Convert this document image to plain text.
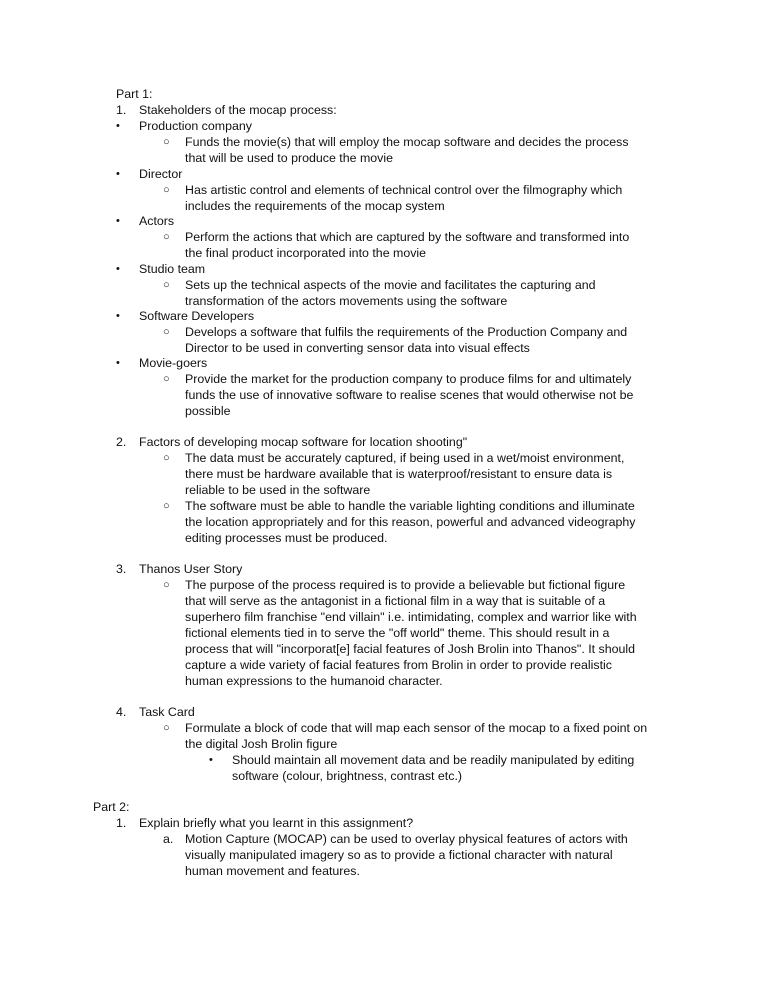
Part 1:
1. Stakeholders of the mocap process:
• Production company
○ Funds the movie(s) that will employ the mocap software and decides the process
that will be used to produce the movie
• Director
○ Has artistic control and elements of technical control over the filmography which
includes the requirements of the mocap system
• Actors
○ Perform the actions that which are captured by the software and transformed into
the final product incorporated into the movie
• Studio team
○ Sets up the technical aspects of the movie and facilitates the capturing and
transformation of the actors movements using the software
• Software Developers
○ Develops a software that fulfils the requirements of the Production Company and
Director to be used in converting sensor data into visual effects
• Movie-goers
○ Provide the market for the production company to produce films for and ultimately
funds the use of innovative software to realise scenes that would otherwise not be
possible
2. Factors of developing mocap software for location shooting"
○ The data must be accurately captured, if being used in a wet/moist environment,
there must be hardware available that is waterproof/resistant to ensure data is
reliable to be used in the software
○ The software must be able to handle the variable lighting conditions and illuminate
the location appropriately and for this reason, powerful and advanced videography
editing processes must be produced.
3. Thanos User Story
○ The purpose of the process required is to provide a believable but fictional figure
that will serve as the antagonist in a fictional film in a way that is suitable of a
superhero film franchise "end villain" i.e. intimidating, complex and warrior like with
fictional elements tied in to serve the "off world" theme. This should result in a
process that will "incorporat[e] facial features of Josh Brolin into Thanos". It should
capture a wide variety of facial features from Brolin in order to provide realistic
human expressions to the humanoid character.
4. Task Card
○ Formulate a block of code that will map each sensor of the mocap to a fixed point on
the digital Josh Brolin figure
• Should maintain all movement data and be readily manipulated by editing
software (colour, brightness, contrast etc.)
Part 2:
1. Explain briefly what you learnt in this assignment?
a. Motion Capture (MOCAP) can be used to overlay physical features of actors with
visually manipulated imagery so as to provide a fictional character with natural
human movement and features.
